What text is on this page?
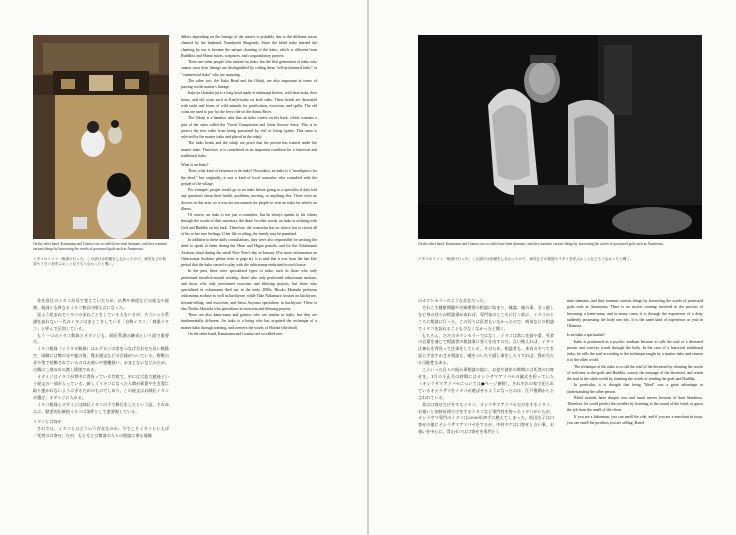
On the other hand, Kamisama and Gomiso are so-called one-time shamans, and they transmit various things by borrowing the words of possessed gods such as Amaterasu.
イタコのミコト一般請け行った。この請けは依頼をしなかったので、病気などの相談やイタコを呼ぶおことなどもうなかったと聞く。

昔を音目のイタコが耳で覚えていたため、仏教や神道などの経文や経典、祝詞とも異なるイタコ独自の唱え言になった。

見よう見まねでイタコのまねごとをしている人もいるが、ろういった系譜を辿れない一代のイタコはまとこをしている「自称イタコ」「商業イタコ」と呼んで区別している。

もう一つのイタコ数珠とオダイジも、師匠系譜の継承という面で重要だ。

イタコ数珠（イラタカ数珠）はムクロジの実をつなげ合わせた長い数珠で、両側には熊の牙や鹿の角、寛永通宝などの古銭がついている。野獣の牙や角で装飾されているのはお祓いや悪魔祓い、おまじないなどのため。古銭は三途の川の渡し賃使である。

オダイジはイタコが背中に背負っている竹筒で、中には大悲大慈経という経文の一部が入っている。新しくイタコになった人間が邪霊や生き霊に取り憑かれないように守るためのものでしあり、この経文はお師匠イタコが選び、オダイジに入れる。

イタコ数珠とオダイジは師匠イタコの下で修行をしたという証。それゆえに、歴史的伝統的イタコの条件として重要視している。

イタコとは何か

それでは、イタコとはどういう存在なのか。今でこそイタコといえば「死者の口寄せ」だが、もともとは集落の人々の相談に乗る地域

differs depending on the lineage of the master is probably due to the different sutras chanted by the husband, Yamabushi Shugendo. Since the blind itako learned the chanting by ear, it became the unique chanting of the itako, which is different from Buddhist and Shinto sutras, scriptures, and congratulatory prayers.

There are some people who imitate an itako, but the first generation of itako who cannot trace their lineage are distinguished by calling them "self-proclaimed itako" or "commercial itako" who are imitating.

The other two, the Itako Bead and the Odaiji, are also important in terms of passing on the master's lineage.

Itako-ju (Irataka-ju) is a long bead made of mukuanji berries, with bear tusks, deer horns, and old coins such as Kan'ei-tsuho on both sides. These beads are decorated with tusks and horns of wild animals for purification, exorcism, and spells. The old coins are used to pay for the ferry ride on the Sanzu River.

The Odaiji is a bamboo tube that an itako carries on his back, which contains a part of the sutra called the "Great Compassion and Great Sorrow Sutra. This is to protect the new itako from being possessed by evil or living spirits. This sutra is selected by the master itako and placed in the odaiji.

The itako beads and the odaiji are proof that the person has trained under the master itako. Therefore, it is considered as an important condition for a historical and traditional itako.

What is an Itako?

Then, what kind of existence is an itako? Nowadays, an itako is a "mouthpiece for the dead," but originally, it was a kind of local counselor who consulted with the people of the village.

For example, people would go to an itako before going to a specialist if they had any questions about their health, problems, moving, or anything else. There were no doctors in this area, so it was not uncommon for people to visit an itako for advice on illness.

Of course, an itako is not just a counselor, but he always speaks to his clients through the words of their ancestors, the dead. In other words, an itako is working with God and Buddha on his back. Therefore, the counselor has no choice but to reveal all of his or her true feelings. If her life or ailing, the family may be punished.

In addition to these daily consultations, they were also responsible for inviting the dead to speak to them during the Obon and Higan periods, and for the Oshirasama Asobase ritual during the small New Year's day in January (For more information on Oshirasama Asobase, please refer to page ●). It is said that it was from the late Edo period that the itako started to play with the oshirasama enshrined in each house.

In the past, there were specialized types of itako, such as those who only performed mouth-to-mouth worship, those who only performed oshirasama asobase, and those who only performed exorcism and blessing prayers, but those who specialized in oshirasama died out in the early 2000s. Hiroko Matsuda performs oshirasama asobase as well as kuchiyose, while Take Nakamura focuses on kuchiyose, fortune-telling, and exorcism, and Setsu Aoyama specializes in kuchiyose. There is also Noriko Hayashi who specializes in exorcism and blessing prayers.

There are also kami-sama and gomiso who are similar to itako, but they are fundamentally different. An itako is a being who has acquired the technique of a master itako through training, and conveys the words of Hotoke (the dead).

On the other hand, Kamisama and Gomiso are so-called one-

On the other hand, Kamisama and Gomiso are so-called one-time shamans, and they transmit various things by borrowing the words of possessed gods such as Amaterasu.
イタコのミコト一般請け行った。この請けは依頼をしなかったので、病気などの相談やイタコを呼ぶおことなどもうなかったと聞く。

のカウンセラーのような存在だった。

それこそ健康問題や夫婦関係の相談に始まり、縁談、縁の事、引っ越しなど身の回りの相談事があれば、専門家のところに行く前に、イタコのところに相談に行った。この辺りは医者もいなかったので、病気などの相談でイタコを訪ねることも少なくなかったと聞く。

もちろん、ただのカウンセラーではなく、イタコは常に先祖や霊、死者の言葉を通じて相談者の相談事に答えを出すのだ。言い換えれば、イタコは神仏を背負って仕事をしている。そのため、相談者も、本音のすべてを語らず出すかざる相談も、嘘をついたり隠し事をしたりすれば、罰が当たる可能性もある。

こういった日々の悩み事相談の他に、お盆や彼岸の時期には死者の口寄せを、1月の小正月の時期にはオシラサマアソバセの儀式を担っていた（オシラサマアソバセについては●ページ参照）。それぞれの家で祀られているオシラサマをイタコが遊ばせるようになったのは、江戸後期からと言われている。

昔は口寄せだけをするイタコ、オシラサマアソバセだけをするイタコ、お祓いと加持祈祷だけをするイタコなど専門性を持ったイタコがいたが、オシラサマ専門のイタコは2000年初手に絶えてしまった。松田広子は口寄せの他にオシラサマアソバセをするが、中村タケは口寄せと占い事、お祓いを中心に、青山セツは口寄せを専門とし

time shamans, and they transmit various things by borrowing the words of possessed gods such as Amaterasu. There is no ascetic training involved in the process of becoming a kami-sama, and in many cases, it is through the experience of a deity suddenly possessing the body one day. It is the same kind of experience as yuta in Okinawa.

Is an itako a spiritualist?

Itako is positioned as a psychic medium because it calls the soul of a deceased person and conveys words through the body. In the case of a historical traditional itako, he calls the soul according to the technique taught by a master itako and returns it to the other world.

The technique of the itako is to call the soul of the deceased by chanting the words of welcome to the gods and Buddha, convey the message of the deceased, and return the soul to the other world by chanting the words of sending the gods and Buddha.

In particular, it is thought that being "blind" was a great advantage in understanding the other person.

Blind wizards have sharper ears and nasal nerves because of their blindness. Therefore, he could predict the weather by listening to the sound of the wind, or guess the job from the smell of the client.

If you are a fisherman, you can smell the ride, and if you are a merchant in town, you can smell the products you are selling. Based
